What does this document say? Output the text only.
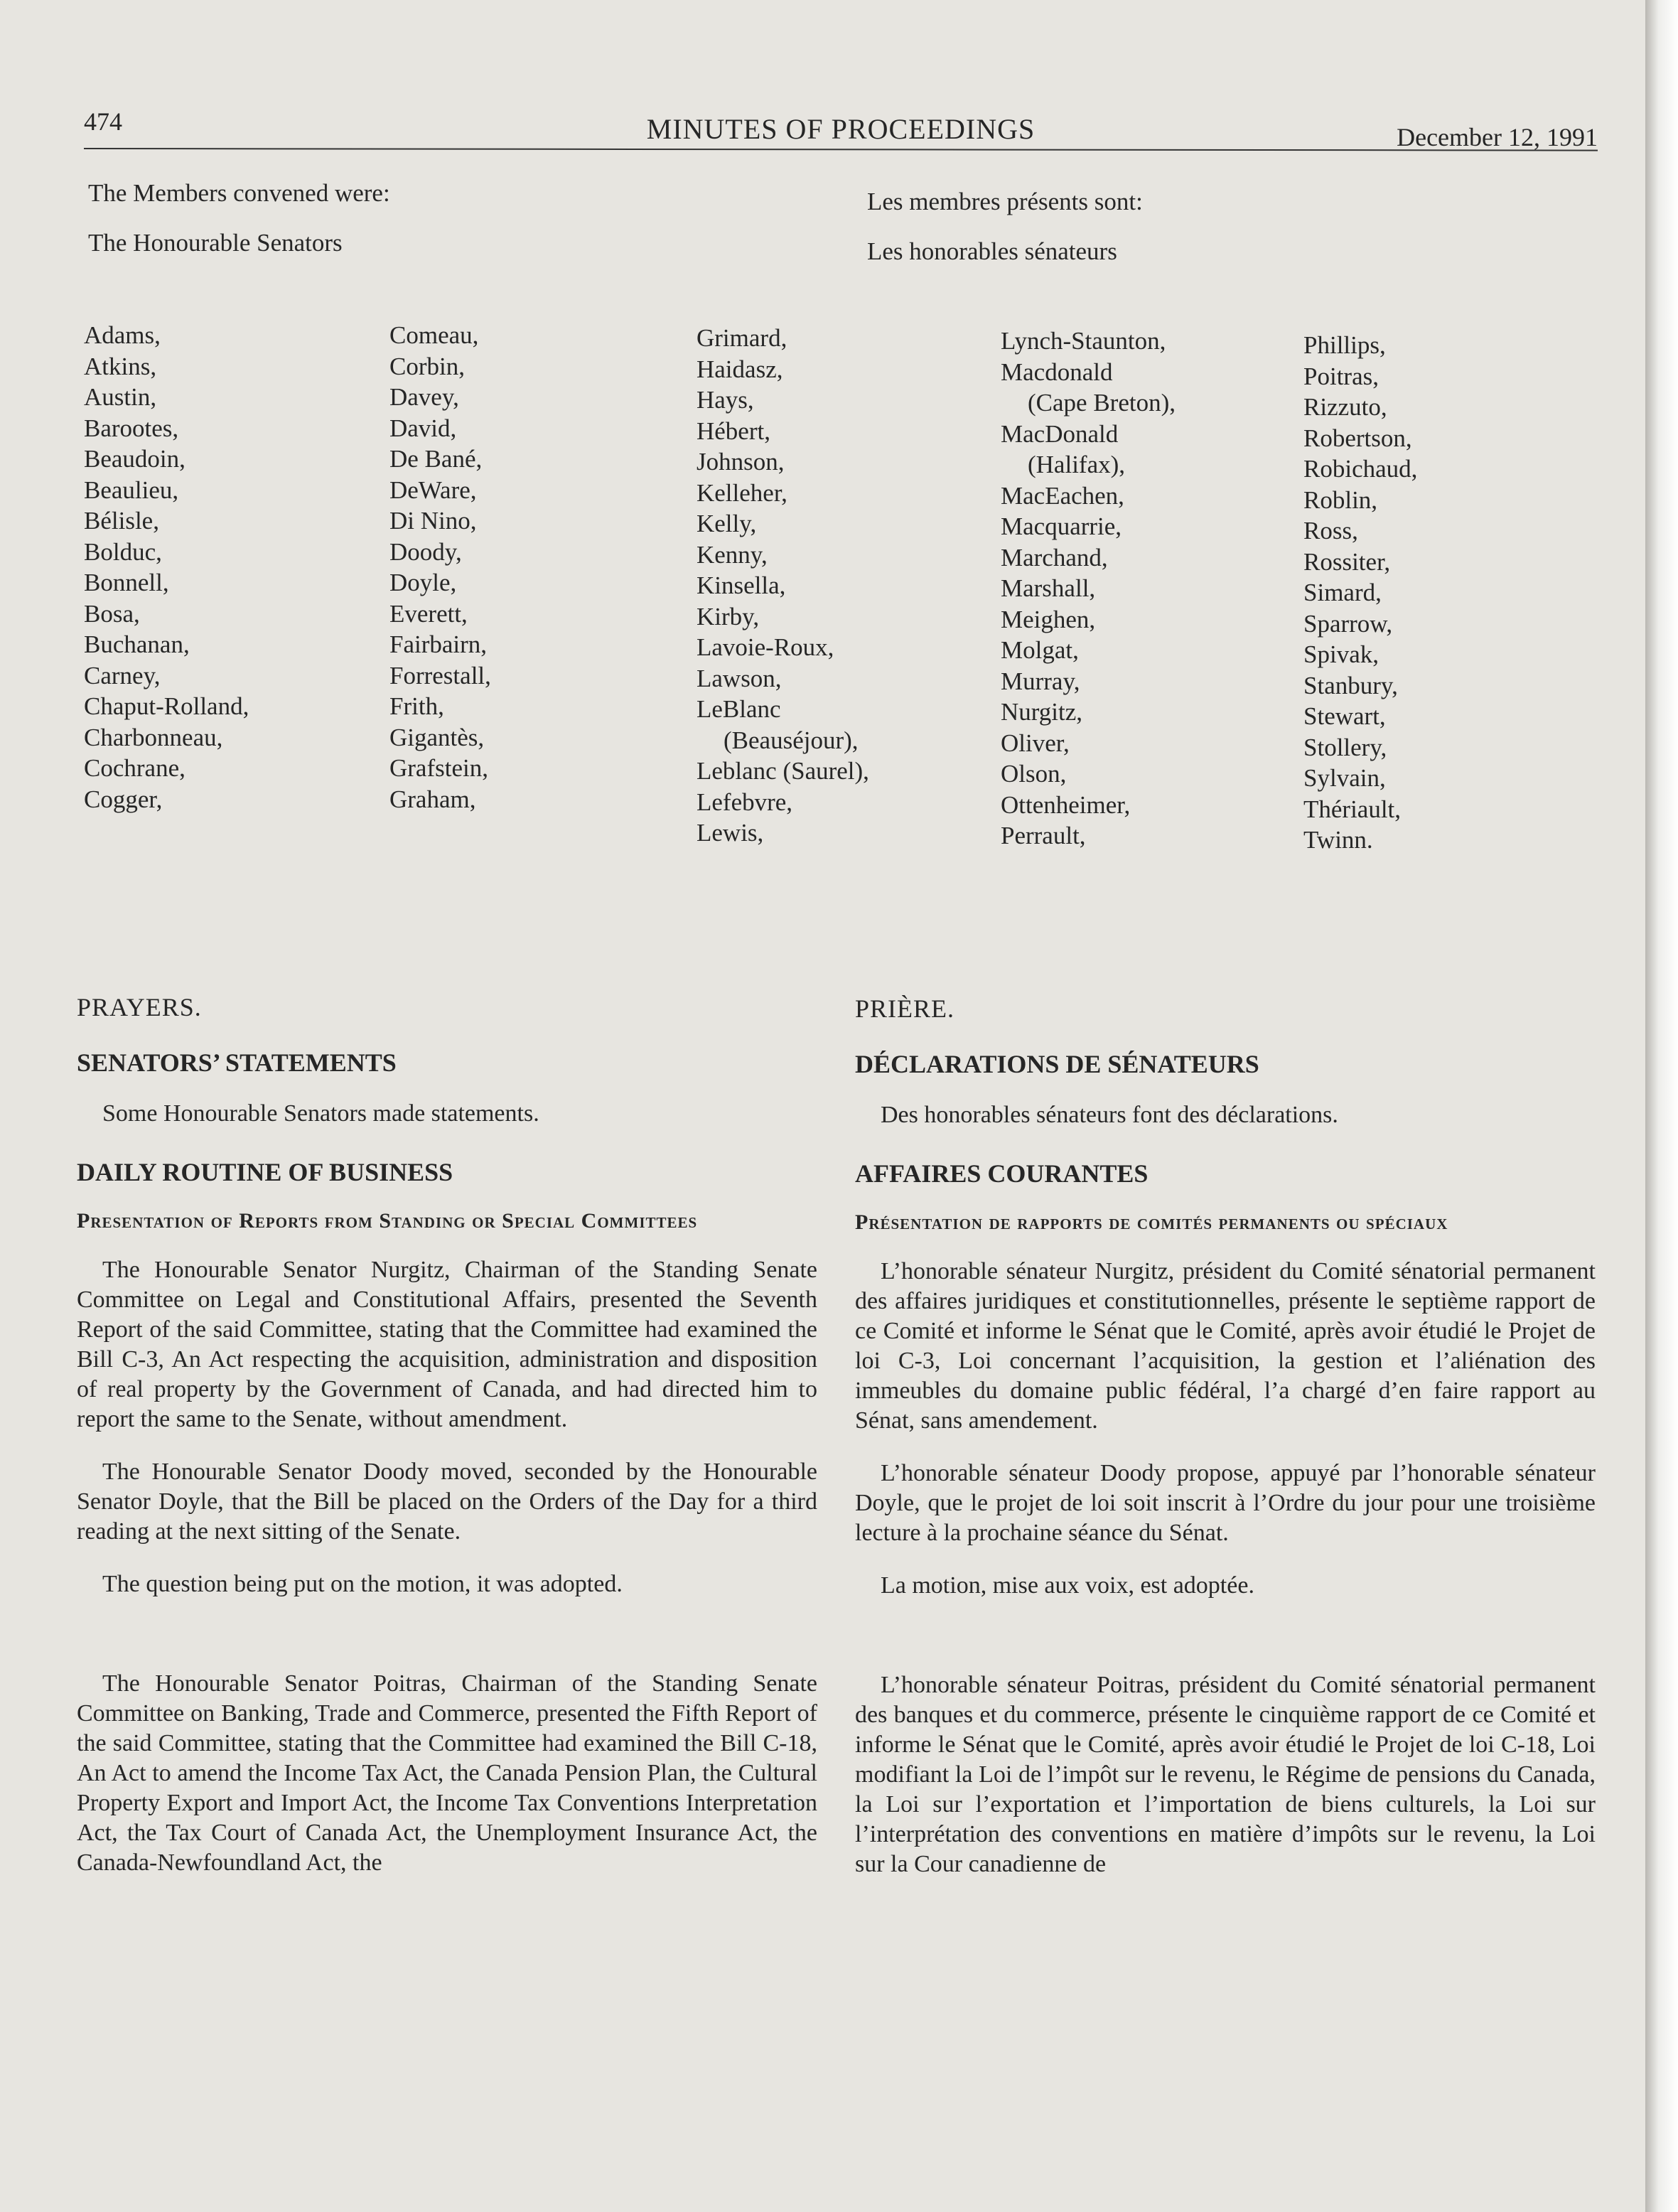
474	MINUTES OF PROCEEDINGS	December 12, 1991
The Members convened were:
The Honourable Senators
Les membres présents sont:
Les honorables sénateurs
Adams,
Atkins,
Austin,
Barootes,
Beaudoin,
Beaulieu,
Bélisle,
Bolduc,
Bonnell,
Bosa,
Buchanan,
Carney,
Chaput-Rolland,
Charbonneau,
Cochrane,
Cogger,
Comeau,
Corbin,
Davey,
David,
De Bané,
DeWare,
Di Nino,
Doody,
Doyle,
Everett,
Fairbairn,
Forrestall,
Frith,
Gigantès,
Grafstein,
Graham,
Grimard,
Haidasz,
Hays,
Hébert,
Johnson,
Kelleher,
Kelly,
Kenny,
Kinsella,
Kirby,
Lavoie-Roux,
Lawson,
LeBlanc
(Beauséjour),
Leblanc (Saurel),
Lefebvre,
Lewis,
Lynch-Staunton,
Macdonald
(Cape Breton),
MacDonald
(Halifax),
MacEachen,
Macquarrie,
Marchand,
Marshall,
Meighen,
Molgat,
Murray,
Nurgitz,
Oliver,
Olson,
Ottenheimer,
Perrault,
Phillips,
Poitras,
Rizzuto,
Robertson,
Robichaud,
Roblin,
Ross,
Rossiter,
Simard,
Sparrow,
Spivak,
Stanbury,
Stewart,
Stollery,
Sylvain,
Thériault,
Twinn.
PRAYERS.
SENATORS’ STATEMENTS
Some Honourable Senators made statements.
DAILY ROUTINE OF BUSINESS
Presentation of Reports from Standing or Special Committees
The Honourable Senator Nurgitz, Chairman of the Standing Senate Committee on Legal and Constitutional Affairs, presented the Seventh Report of the said Committee, stating that the Committee had examined the Bill C-3, An Act respecting the acquisition, administration and disposition of real property by the Government of Canada, and had directed him to report the same to the Senate, without amendment.
The Honourable Senator Doody moved, seconded by the Honourable Senator Doyle, that the Bill be placed on the Orders of the Day for a third reading at the next sitting of the Senate.
The question being put on the motion, it was adopted.
The Honourable Senator Poitras, Chairman of the Standing Senate Committee on Banking, Trade and Commerce, presented the Fifth Report of the said Committee, stating that the Committee had examined the Bill C-18, An Act to amend the Income Tax Act, the Canada Pension Plan, the Cultural Property Export and Import Act, the Income Tax Conventions Interpretation Act, the Tax Court of Canada Act, the Unemployment Insurance Act, the Canada-Newfoundland Act, the
PRIÈRE.
DÉCLARATIONS DE SÉNATEURS
Des honorables sénateurs font des déclarations.
AFFAIRES COURANTES
Présentation de rapports de comités permanents ou spéciaux
L’honorable sénateur Nurgitz, président du Comité sénatorial permanent des affaires juridiques et constitutionnelles, présente le septième rapport de ce Comité et informe le Sénat que le Comité, après avoir étudié le Projet de loi C-3, Loi concernant l’acquisition, la gestion et l’aliénation des immeubles du domaine public fédéral, l’a chargé d’en faire rapport au Sénat, sans amendement.
L’honorable sénateur Doody propose, appuyé par l’honorable sénateur Doyle, que le projet de loi soit inscrit à l’Ordre du jour pour une troisième lecture à la prochaine séance du Sénat.
La motion, mise aux voix, est adoptée.
L’honorable sénateur Poitras, président du Comité sénatorial permanent des banques et du commerce, présente le cinquième rapport de ce Comité et informe le Sénat que le Comité, après avoir étudié le Projet de loi C-18, Loi modifiant la Loi de l’impôt sur le revenu, le Régime de pensions du Canada, la Loi sur l’exportation et l’importation de biens culturels, la Loi sur l’interprétation des conventions en matière d’impôts sur le revenu, la Loi sur la Cour canadienne de
